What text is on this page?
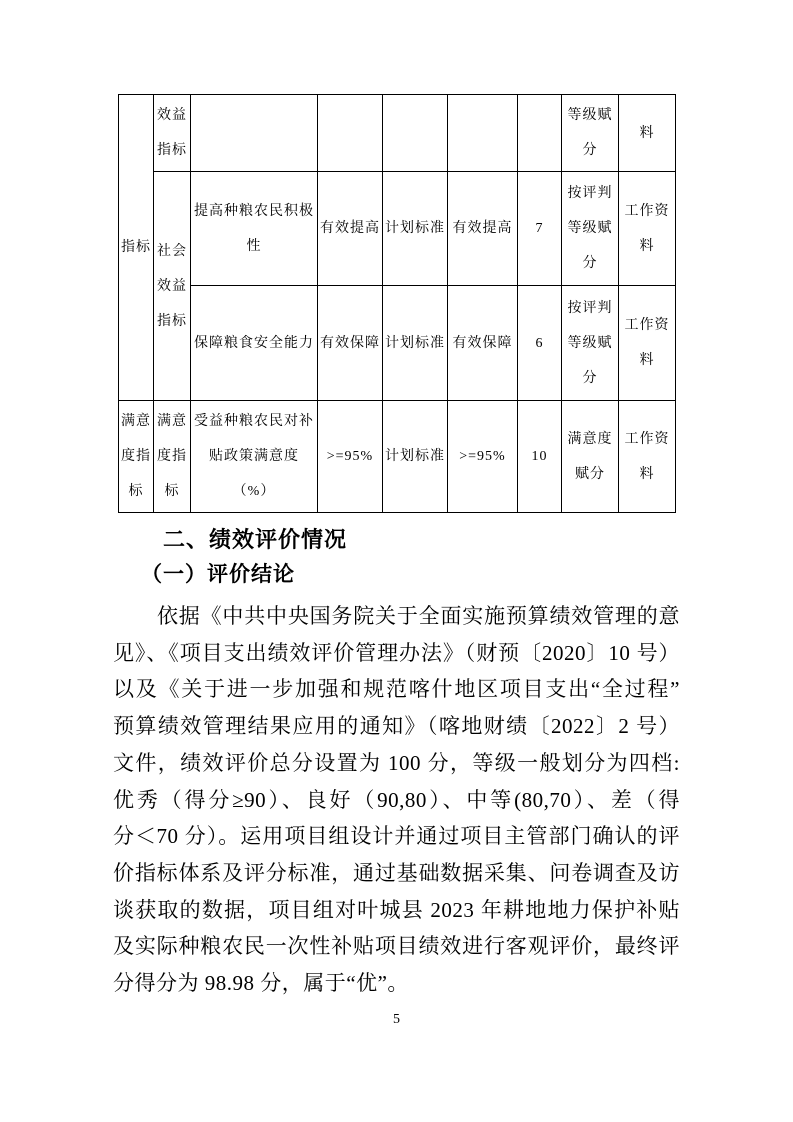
指标	效益指标						等级赋分	料
	社会效益指标	提高种粮农民积极性	有效提高	计划标准	有效提高	7	按评判等级赋分	工作资料
		保障粮食安全能力	有效保障	计划标准	有效保障	6	按评判等级赋分	工作资料
满意度指标	满意度指标	受益种粮农民对补贴政策满意度（%）	>=95%	计划标准	>=95%	10	满意度赋分	工作资料
二、绩效评价情况
（一）评价结论
依据《中共中央国务院关于全面实施预算绩效管理的意
见》、《项目支出绩效评价管理办法》（财预〔2020〕10 号）
以及《关于进一步加强和规范喀什地区项目支出“全过程”
预算绩效管理结果应用的通知》（喀地财绩〔2022〕2 号）
文件，绩效评价总分设置为 100 分，等级一般划分为四档:
优秀（得分≥90）、良好（90,80）、中等(80,70）、差（得
分＜70 分）。运用项目组设计并通过项目主管部门确认的评
价指标体系及评分标准，通过基础数据采集、问卷调查及访
谈获取的数据，项目组对叶城县 2023 年耕地地力保护补贴
及实际种粮农民一次性补贴项目绩效进行客观评价，最终评
分得分为 98.98 分，属于“优”。
5
